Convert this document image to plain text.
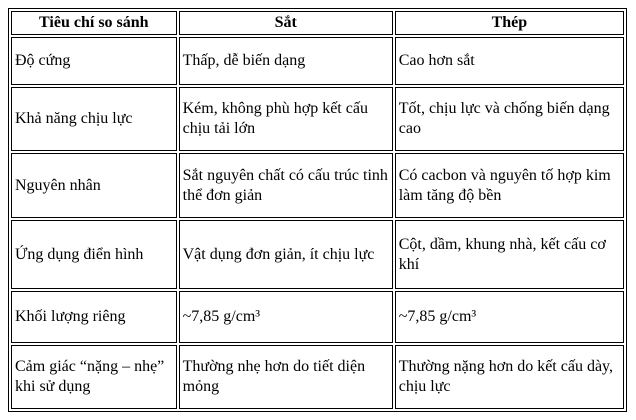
Tiêu chí so sánh	Sắt	Thép
Độ cứng	Thấp, dễ biến dạng	Cao hơn sắt
Khả năng chịu lực	Kém, không phù hợp kết cấu chịu tải lớn	Tốt, chịu lực và chống biến dạng cao
Nguyên nhân	Sắt nguyên chất có cấu trúc tinh thể đơn giản	Có cacbon và nguyên tố hợp kim làm tăng độ bền
Ứng dụng điển hình	Vật dụng đơn giản, ít chịu lực	Cột, dầm, khung nhà, kết cấu cơ khí
Khối lượng riêng	~7,85 g/cm³	~7,85 g/cm³
Cảm giác “nặng – nhẹ” khi sử dụng	Thường nhẹ hơn do tiết diện mỏng	Thường nặng hơn do kết cấu dày, chịu lực
